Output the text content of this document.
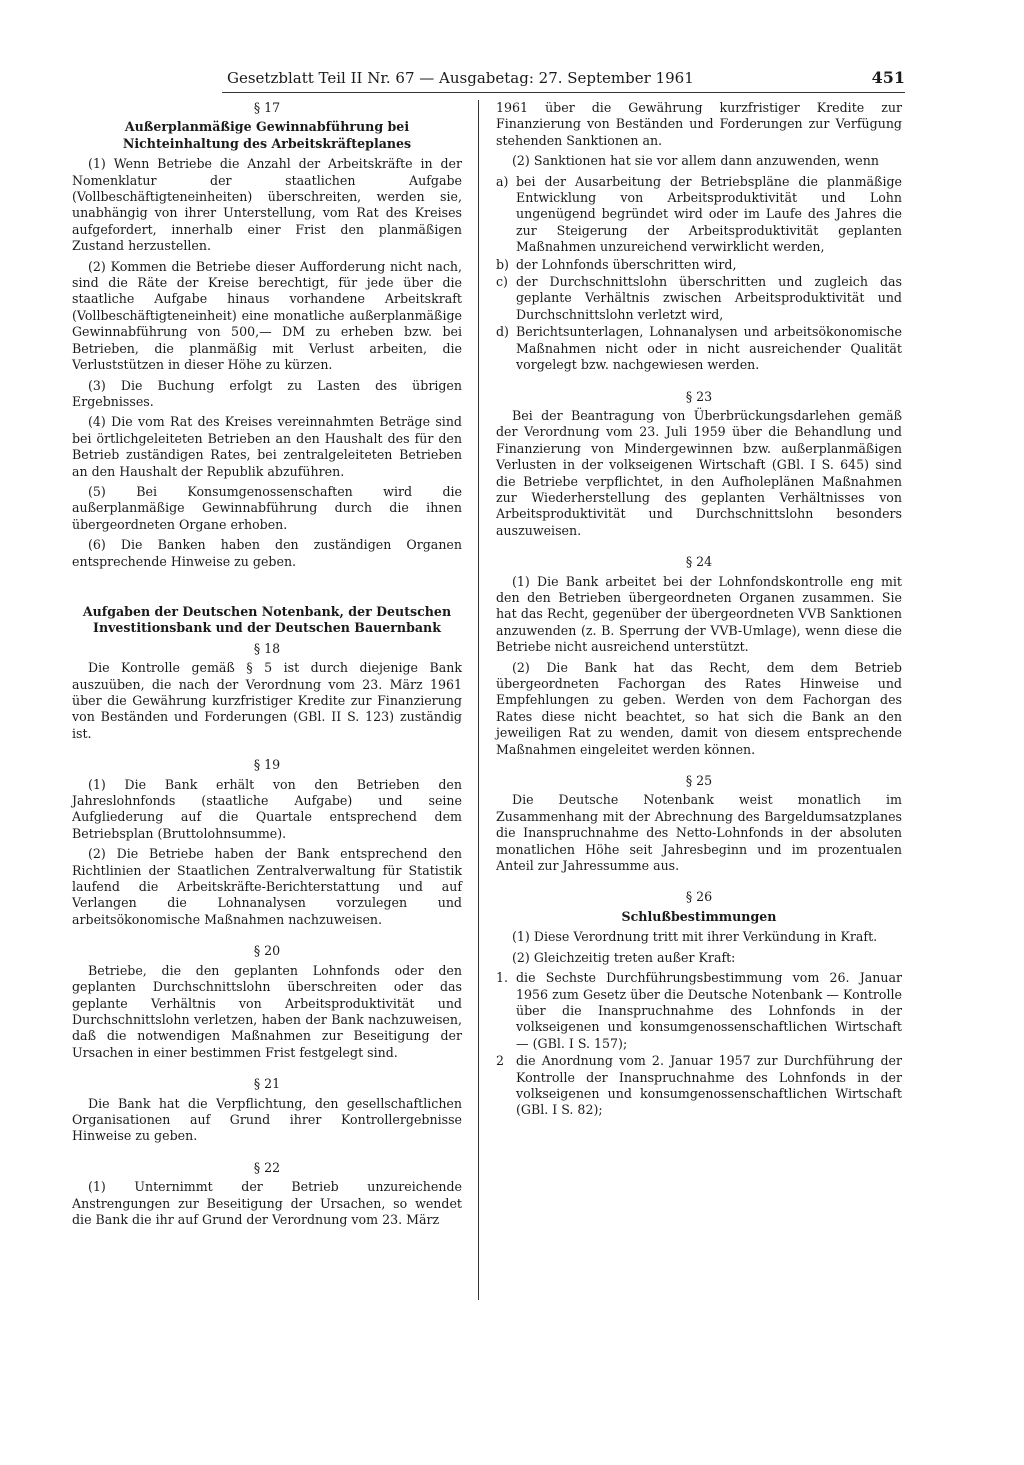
Gesetzblatt Teil II Nr. 67 — Ausgabetag: 27. September 1961	451
§ 17
Außerplanmäßige Gewinnabführung bei Nichteinhaltung des Arbeitskräfteplanes

(1) Wenn Betriebe die Anzahl der Arbeitskräfte in der Nomenklatur der staatlichen Aufgabe (Vollbeschäftigteneinheiten) überschreiten, werden sie, unabhängig von ihrer Unterstellung, vom Rat des Kreises aufgefordert, innerhalb einer Frist den planmäßigen Zustand herzustellen.

(2) Kommen die Betriebe dieser Aufforderung nicht nach, sind die Räte der Kreise berechtigt, für jede über die staatliche Aufgabe hinaus vorhandene Arbeitskraft (Vollbeschäftigteneinheit) eine monatliche außerplanmäßige Gewinnabführung von 500,— DM zu erheben bzw. bei Betrieben, die planmäßig mit Verlust arbeiten, die Verluststützen in dieser Höhe zu kürzen.

(3) Die Buchung erfolgt zu Lasten des übrigen Ergebnisses.

(4) Die vom Rat des Kreises vereinnahmten Beträge sind bei örtlichgeleiteten Betrieben an den Haushalt des für den Betrieb zuständigen Rates, bei zentralgeleiteten Betrieben an den Haushalt der Republik abzuführen.

(5) Bei Konsumgenossenschaften wird die außerplanmäßige Gewinnabführung durch die ihnen übergeordneten Organe erhoben.

(6) Die Banken haben den zuständigen Organen entsprechende Hinweise zu geben.

Aufgaben der Deutschen Notenbank, der Deutschen Investitionsbank und der Deutschen Bauernbank
§ 18

Die Kontrolle gemäß § 5 ist durch diejenige Bank auszuüben, die nach der Verordnung vom 23. März 1961 über die Gewährung kurzfristiger Kredite zur Finanzierung von Beständen und Forderungen (GBl. II S. 123) zuständig ist.

§ 19

(1) Die Bank erhält von den Betrieben den Jahreslohnfonds (staatliche Aufgabe) und seine Aufgliederung auf die Quartale entsprechend dem Betriebsplan (Bruttolohnsumme).

(2) Die Betriebe haben der Bank entsprechend den Richtlinien der Staatlichen Zentralverwaltung für Statistik laufend die Arbeitskräfte-Berichterstattung und auf Verlangen die Lohnanalysen vorzulegen und arbeitsökonomische Maßnahmen nachzuweisen.

§ 20

Betriebe, die den geplanten Lohnfonds oder den geplanten Durchschnittslohn überschreiten oder das geplante Verhältnis von Arbeitsproduktivität und Durchschnittslohn verletzen, haben der Bank nachzuweisen, daß die notwendigen Maßnahmen zur Beseitigung der Ursachen in einer bestimmen Frist festgelegt sind.

§ 21

Die Bank hat die Verpflichtung, den gesellschaftlichen Organisationen auf Grund ihrer Kontrollergebnisse Hinweise zu geben.

§ 22

(1) Unternimmt der Betrieb unzureichende Anstrengungen zur Beseitigung der Ursachen, so wendet die Bank die ihr auf Grund der Verordnung vom 23. März

1961 über die Gewährung kurzfristiger Kredite zur Finanzierung von Beständen und Forderungen zur Verfügung stehenden Sanktionen an.

(2) Sanktionen hat sie vor allem dann anzuwenden, wenn

a) bei der Ausarbeitung der Betriebspläne die planmäßige Entwicklung von Arbeitsproduktivität und Lohn ungenügend begründet wird oder im Laufe des Jahres die zur Steigerung der Arbeitsproduktivität geplanten Maßnahmen unzureichend verwirklicht werden,
b) der Lohnfonds überschritten wird,
c) der Durchschnittslohn überschritten und zugleich das geplante Verhältnis zwischen Arbeitsproduktivität und Durchschnittslohn verletzt wird,
d) Berichtsunterlagen, Lohnanalysen und arbeitsökonomische Maßnahmen nicht oder in nicht ausreichender Qualität vorgelegt bzw. nachgewiesen werden.
§ 23

Bei der Beantragung von Überbrückungsdarlehen gemäß der Verordnung vom 23. Juli 1959 über die Behandlung und Finanzierung von Mindergewinnen bzw. außerplanmäßigen Verlusten in der volkseigenen Wirtschaft (GBl. I S. 645) sind die Betriebe verpflichtet, in den Aufholeplänen Maßnahmen zur Wiederherstellung des geplanten Verhältnisses von Arbeitsproduktivität und Durchschnittslohn besonders auszuweisen.

§ 24

(1) Die Bank arbeitet bei der Lohnfondskontrolle eng mit den den Betrieben übergeordneten Organen zusammen. Sie hat das Recht, gegenüber der übergeordneten VVB Sanktionen anzuwenden (z. B. Sperrung der VVB-Umlage), wenn diese die Betriebe nicht ausreichend unterstützt.

(2) Die Bank hat das Recht, dem dem Betrieb übergeordneten Fachorgan des Rates Hinweise und Empfehlungen zu geben. Werden von dem Fachorgan des Rates diese nicht beachtet, so hat sich die Bank an den jeweiligen Rat zu wenden, damit von diesem entsprechende Maßnahmen eingeleitet werden können.

§ 25

Die Deutsche Notenbank weist monatlich im Zusammenhang mit der Abrechnung des Bargeldumsatzplanes die Inanspruchnahme des Netto-Lohnfonds in der absoluten monatlichen Höhe seit Jahresbeginn und im prozentualen Anteil zur Jahressumme aus.

§ 26
Schlußbestimmungen

(1) Diese Verordnung tritt mit ihrer Verkündung in Kraft.

(2) Gleichzeitig treten außer Kraft:

1. die Sechste Durchführungsbestimmung vom 26. Januar 1956 zum Gesetz über die Deutsche Notenbank — Kontrolle über die Inanspruchnahme des Lohnfonds in der volkseigenen und konsumgenossenschaftlichen Wirtschaft — (GBl. I S. 157);
2 die Anordnung vom 2. Januar 1957 zur Durchführung der Kontrolle der Inanspruchnahme des Lohnfonds in der volkseigenen und konsumgenossenschaftlichen Wirtschaft (GBl. I S. 82);
